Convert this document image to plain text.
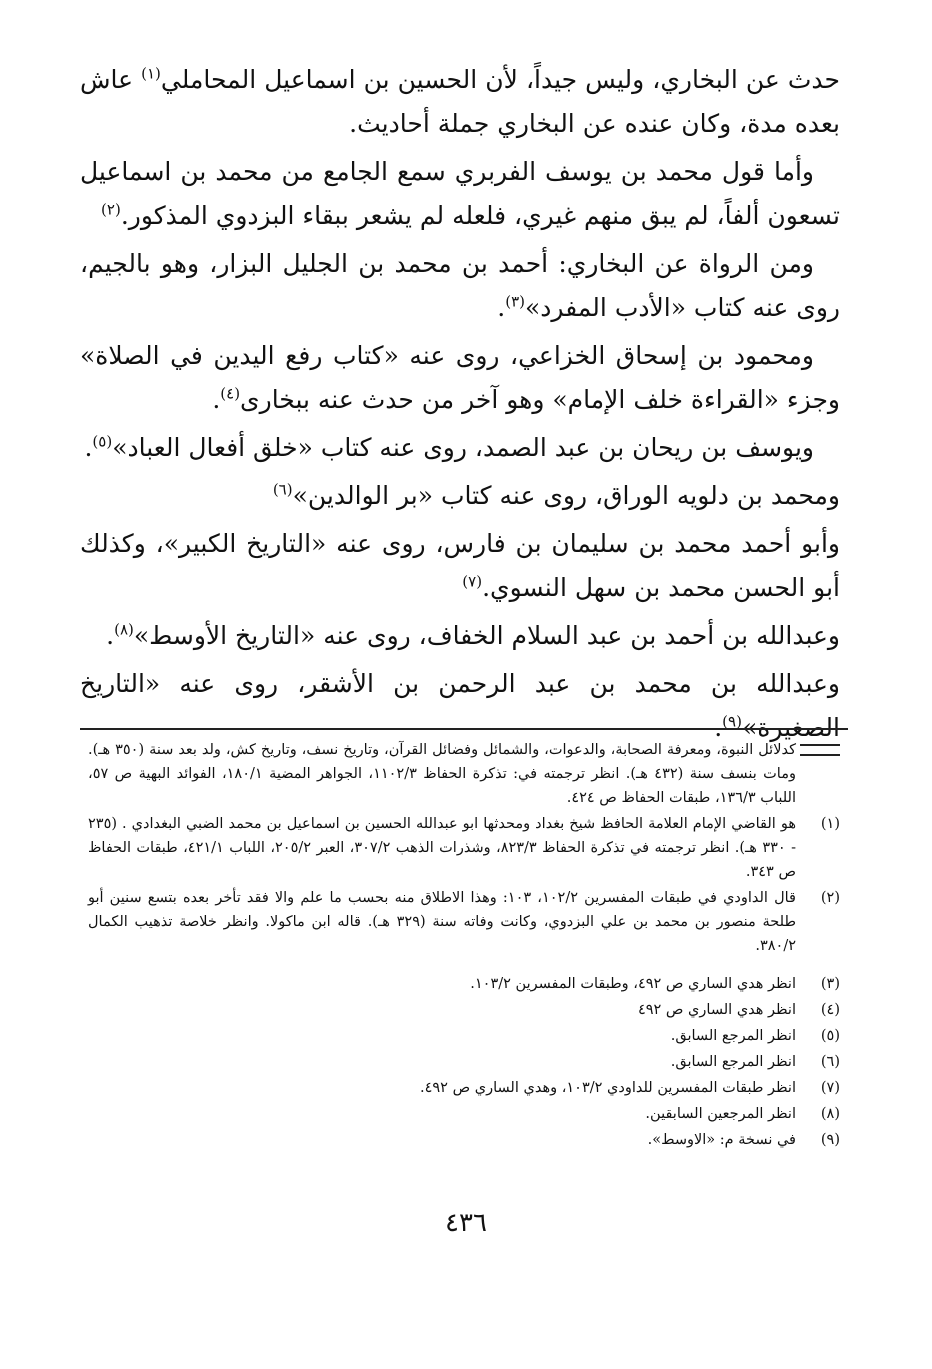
حدث عن البخاري، وليس جيداً، لأن الحسين بن اسماعيل المحاملي$^{(١)}$ عاش بعده مدة، وكان عنده عن البخاري جملة أحاديث.

وأما قول محمد بن يوسف الفربري سمع الجامع من محمد بن اسماعيل تسعون ألفاً، لم يبق منهم غيري، فلعله لم يشعر ببقاء البزدوي المذكور.$^{(٢)}$

ومن الرواة عن البخاري: أحمد بن محمد بن الجليل البزار، وهو بالجيم، روى عنه كتاب «الأدب المفرد»$^{(٣)}$.

ومحمود بن إسحاق الخزاعي، روى عنه «كتاب رفع اليدين في الصلاة» وجزء «القراءة خلف الإمام» وهو آخر من حدث عنه ببخارى$^{(٤)}$.

ويوسف بن ريحان بن عبد الصمد، روى عنه كتاب «خلق أفعال العباد»$^{(٥)}$.

ومحمد بن دلويه الوراق، روى عنه كتاب «بر الوالدين»$^{(٦)}$

وأبو أحمد محمد بن سليمان بن فارس، روى عنه «التاريخ الكبير»، وكذلك أبو الحسن محمد بن سهل النسوي.$^{(٧)}$

وعبدالله بن أحمد بن عبد السلام الخفاف، روى عنه «التاريخ الأوسط»$^{(٨)}$.

وعبدالله بن محمد بن عبد الرحمن بن الأشقر، روى عنه «التاريخ الصغيرة»$^{(٩)}$.

كدلائل النبوة، ومعرفة الصحابة، والدعوات، والشمائل وفضائل القرآن، وتاريخ نسف، وتاريخ كش، ولد بعد سنة (٣٥٠ هـ). ومات بنسف سنة (٤٣٢ هـ). انظر ترجمته في: تذكرة الحفاظ ١١٠٢/٣، الجواهر المضية ١٨٠/١، الفوائد البهية ص ٥٧، اللباب ١٣٦/٣، طبقات الحفاظ ص ٤٢٤.
(١)
هو القاضي الإمام العلامة الحافظ شيخ بغداد ومحدثها ابو عبدالله الحسين بن اسماعيل بن محمد الضبي البغدادي . (٢٣٥ - ٣٣٠ هـ). انظر ترجمته في تذكرة الحفاظ ٨٢٣/٣، وشذرات الذهب ٣٠٧/٢، العبر ٢٠٥/٢، اللباب ٤٢١/١، طبقات الحفاظ ص ٣٤٣.
(٢)
قال الداودي في طبقات المفسرين ١٠٢/٢، ١٠٣: وهذا الاطلاق منه بحسب ما علم والا فقد تأخر بعده بتسع سنين أبو طلحة منصور بن محمد بن علي البزدوي، وكانت وفاته سنة (٣٢٩ هـ). قاله ابن ماكولا. وانظر خلاصة تذهيب الكمال ٣٨٠/٢.
(٣)
انظر هدي الساري ص ٤٩٢، وطبقات المفسرين ١٠٣/٢.
(٤)
انظر هدي الساري ص ٤٩٢
(٥)
انظر المرجع السابق.
(٦)
انظر المرجع السابق.
(٧)
انظر طبقات المفسرين للداودي ١٠٣/٢، وهدي الساري ص ٤٩٢.
(٨)
انظر المرجعين السابقين.
(٩)
في نسخة م: «الاوسط».
٤٣٦
